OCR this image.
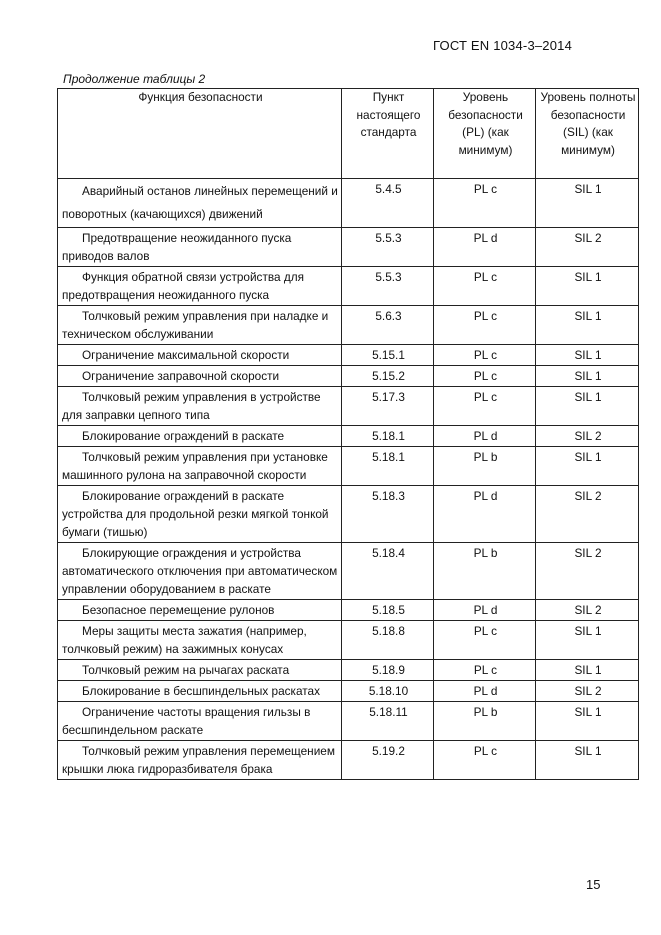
ГОСТ EN 1034-3–2014
Продолжение таблицы 2
Функция безопасности	Пункт настоящего стандарта	Уровень безопасности (PL) (как минимум)	Уровень полноты безопасности (SIL) (как минимум)
Аварийный останов линейных перемещений и поворотных (качающихся) движений	5.4.5	PL c	SIL 1
Предотвращение неожиданного пуска приводов валов	5.5.3	PL d	SIL 2
Функция обратной связи устройства для предотвращения неожиданного пуска	5.5.3	PL c	SIL 1
Толчковый режим управления при наладке и техническом обслуживании	5.6.3	PL c	SIL 1
Ограничение максимальной скорости	5.15.1	PL c	SIL 1
Ограничение заправочной скорости	5.15.2	PL c	SIL 1
Толчковый режим управления в устройстве для заправки цепного типа	5.17.3	PL c	SIL 1
Блокирование ограждений в раскате	5.18.1	PL d	SIL 2
Толчковый режим управления при установке машинного рулона на заправочной скорости	5.18.1	PL b	SIL 1
Блокирование ограждений в раскате устройства для продольной резки мягкой тонкой бумаги (тишью)	5.18.3	PL d	SIL 2
Блокирующие ограждения и устройства автоматического отключения при автоматическом управлении оборудованием в раскате	5.18.4	PL b	SIL 2
Безопасное перемещение рулонов	5.18.5	PL d	SIL 2
Меры защиты места зажатия (например, толчковый режим) на зажимных конусах	5.18.8	PL c	SIL 1
Толчковый режим на рычагах раската	5.18.9	PL c	SIL 1
Блокирование в бесшпиндельных раскатах	5.18.10	PL d	SIL 2
Ограничение частоты вращения гильзы в бесшпиндельном раскате	5.18.11	PL b	SIL 1
Толчковый режим управления перемещением крышки люка гидроразбивателя брака	5.19.2	PL c	SIL 1
15
